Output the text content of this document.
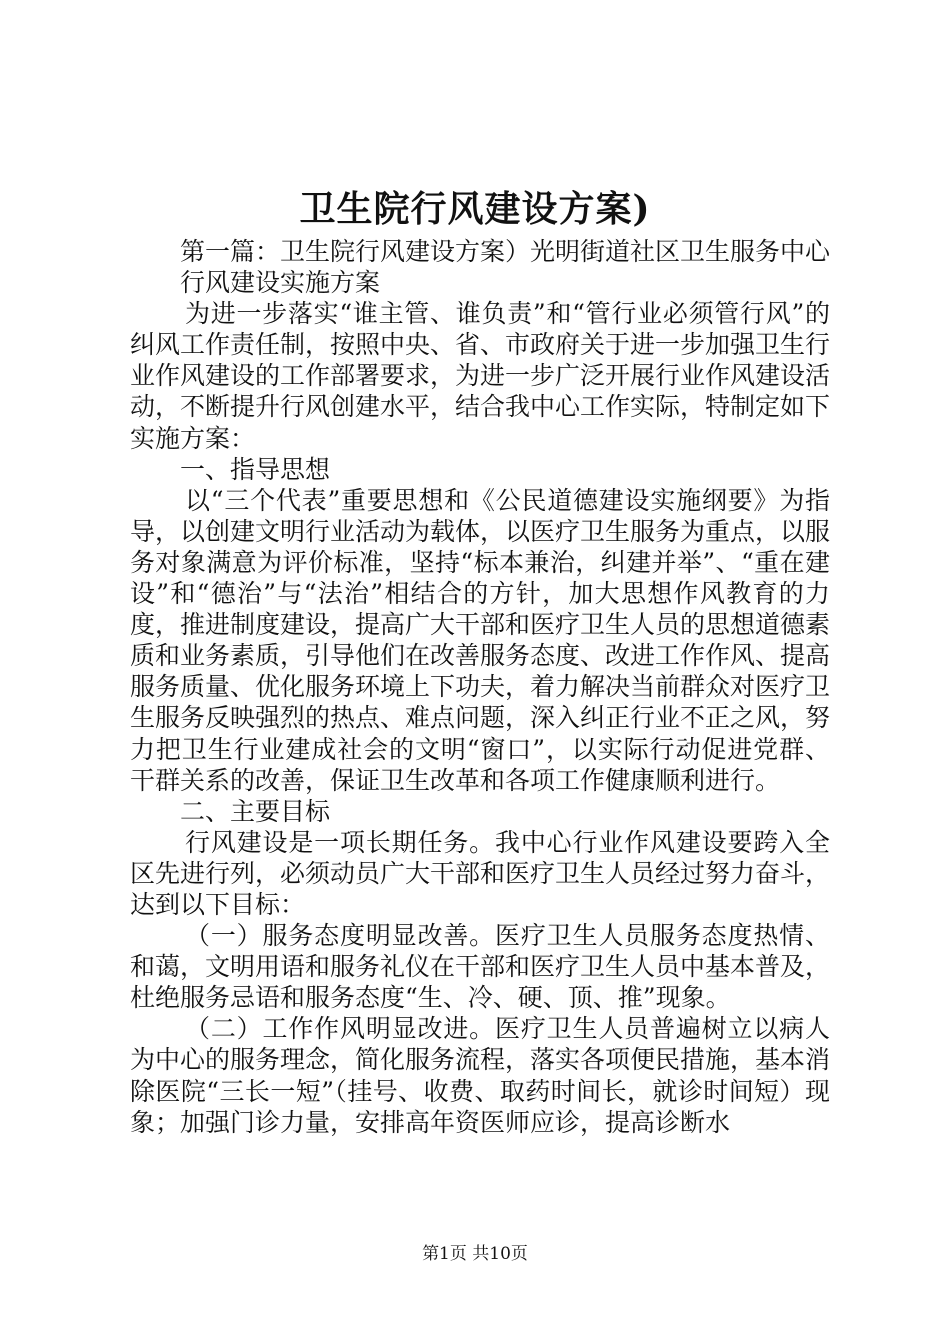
卫生院行风建设方案)

第一篇：卫生院行风建设方案）光明街道社区卫生服务中心

行风建设实施方案

为进一步落实“谁主管、谁负责”和“管行业必须管行风”的纠风工作责任制，按照中央、省、市政府关于进一步加强卫生行业作风建设的工作部署要求，为进一步广泛开展行业作风建设活动，不断提升行风创建水平，结合我中心工作实际，特制定如下实施方案：

一、指导思想

以“三个代表”重要思想和《公民道德建设实施纲要》为指导，以创建文明行业活动为载体，以医疗卫生服务为重点，以服务对象满意为评价标准，坚持“标本兼治，纠建并举”、“重在建设”和“德治”与“法治”相结合的方针，加大思想作风教育的力度，推进制度建设，提高广大干部和医疗卫生人员的思想道德素质和业务素质，引导他们在改善服务态度、改进工作作风、提高服务质量、优化服务环境上下功夫，着力解决当前群众对医疗卫生服务反映强烈的热点、难点问题，深入纠正行业不正之风，努力把卫生行业建成社会的文明“窗口”，以实际行动促进党群、干群关系的改善，保证卫生改革和各项工作健康顺利进行。

二、主要目标

行风建设是一项长期任务。我中心行业作风建设要跨入全区先进行列，必须动员广大干部和医疗卫生人员经过努力奋斗，达到以下目标：

（一）服务态度明显改善。医疗卫生人员服务态度热情、和蔼，文明用语和服务礼仪在干部和医疗卫生人员中基本普及，杜绝服务忌语和服务态度“生、冷、硬、顶、推”现象。

（二）工作作风明显改进。医疗卫生人员普遍树立以病人为中心的服务理念，简化服务流程，落实各项便民措施，基本消除医院“三长一短”（挂号、收费、取药时间长，就诊时间短）现象；加强门诊力量，安排高年资医师应诊，提高诊断水

第1页 共10页
